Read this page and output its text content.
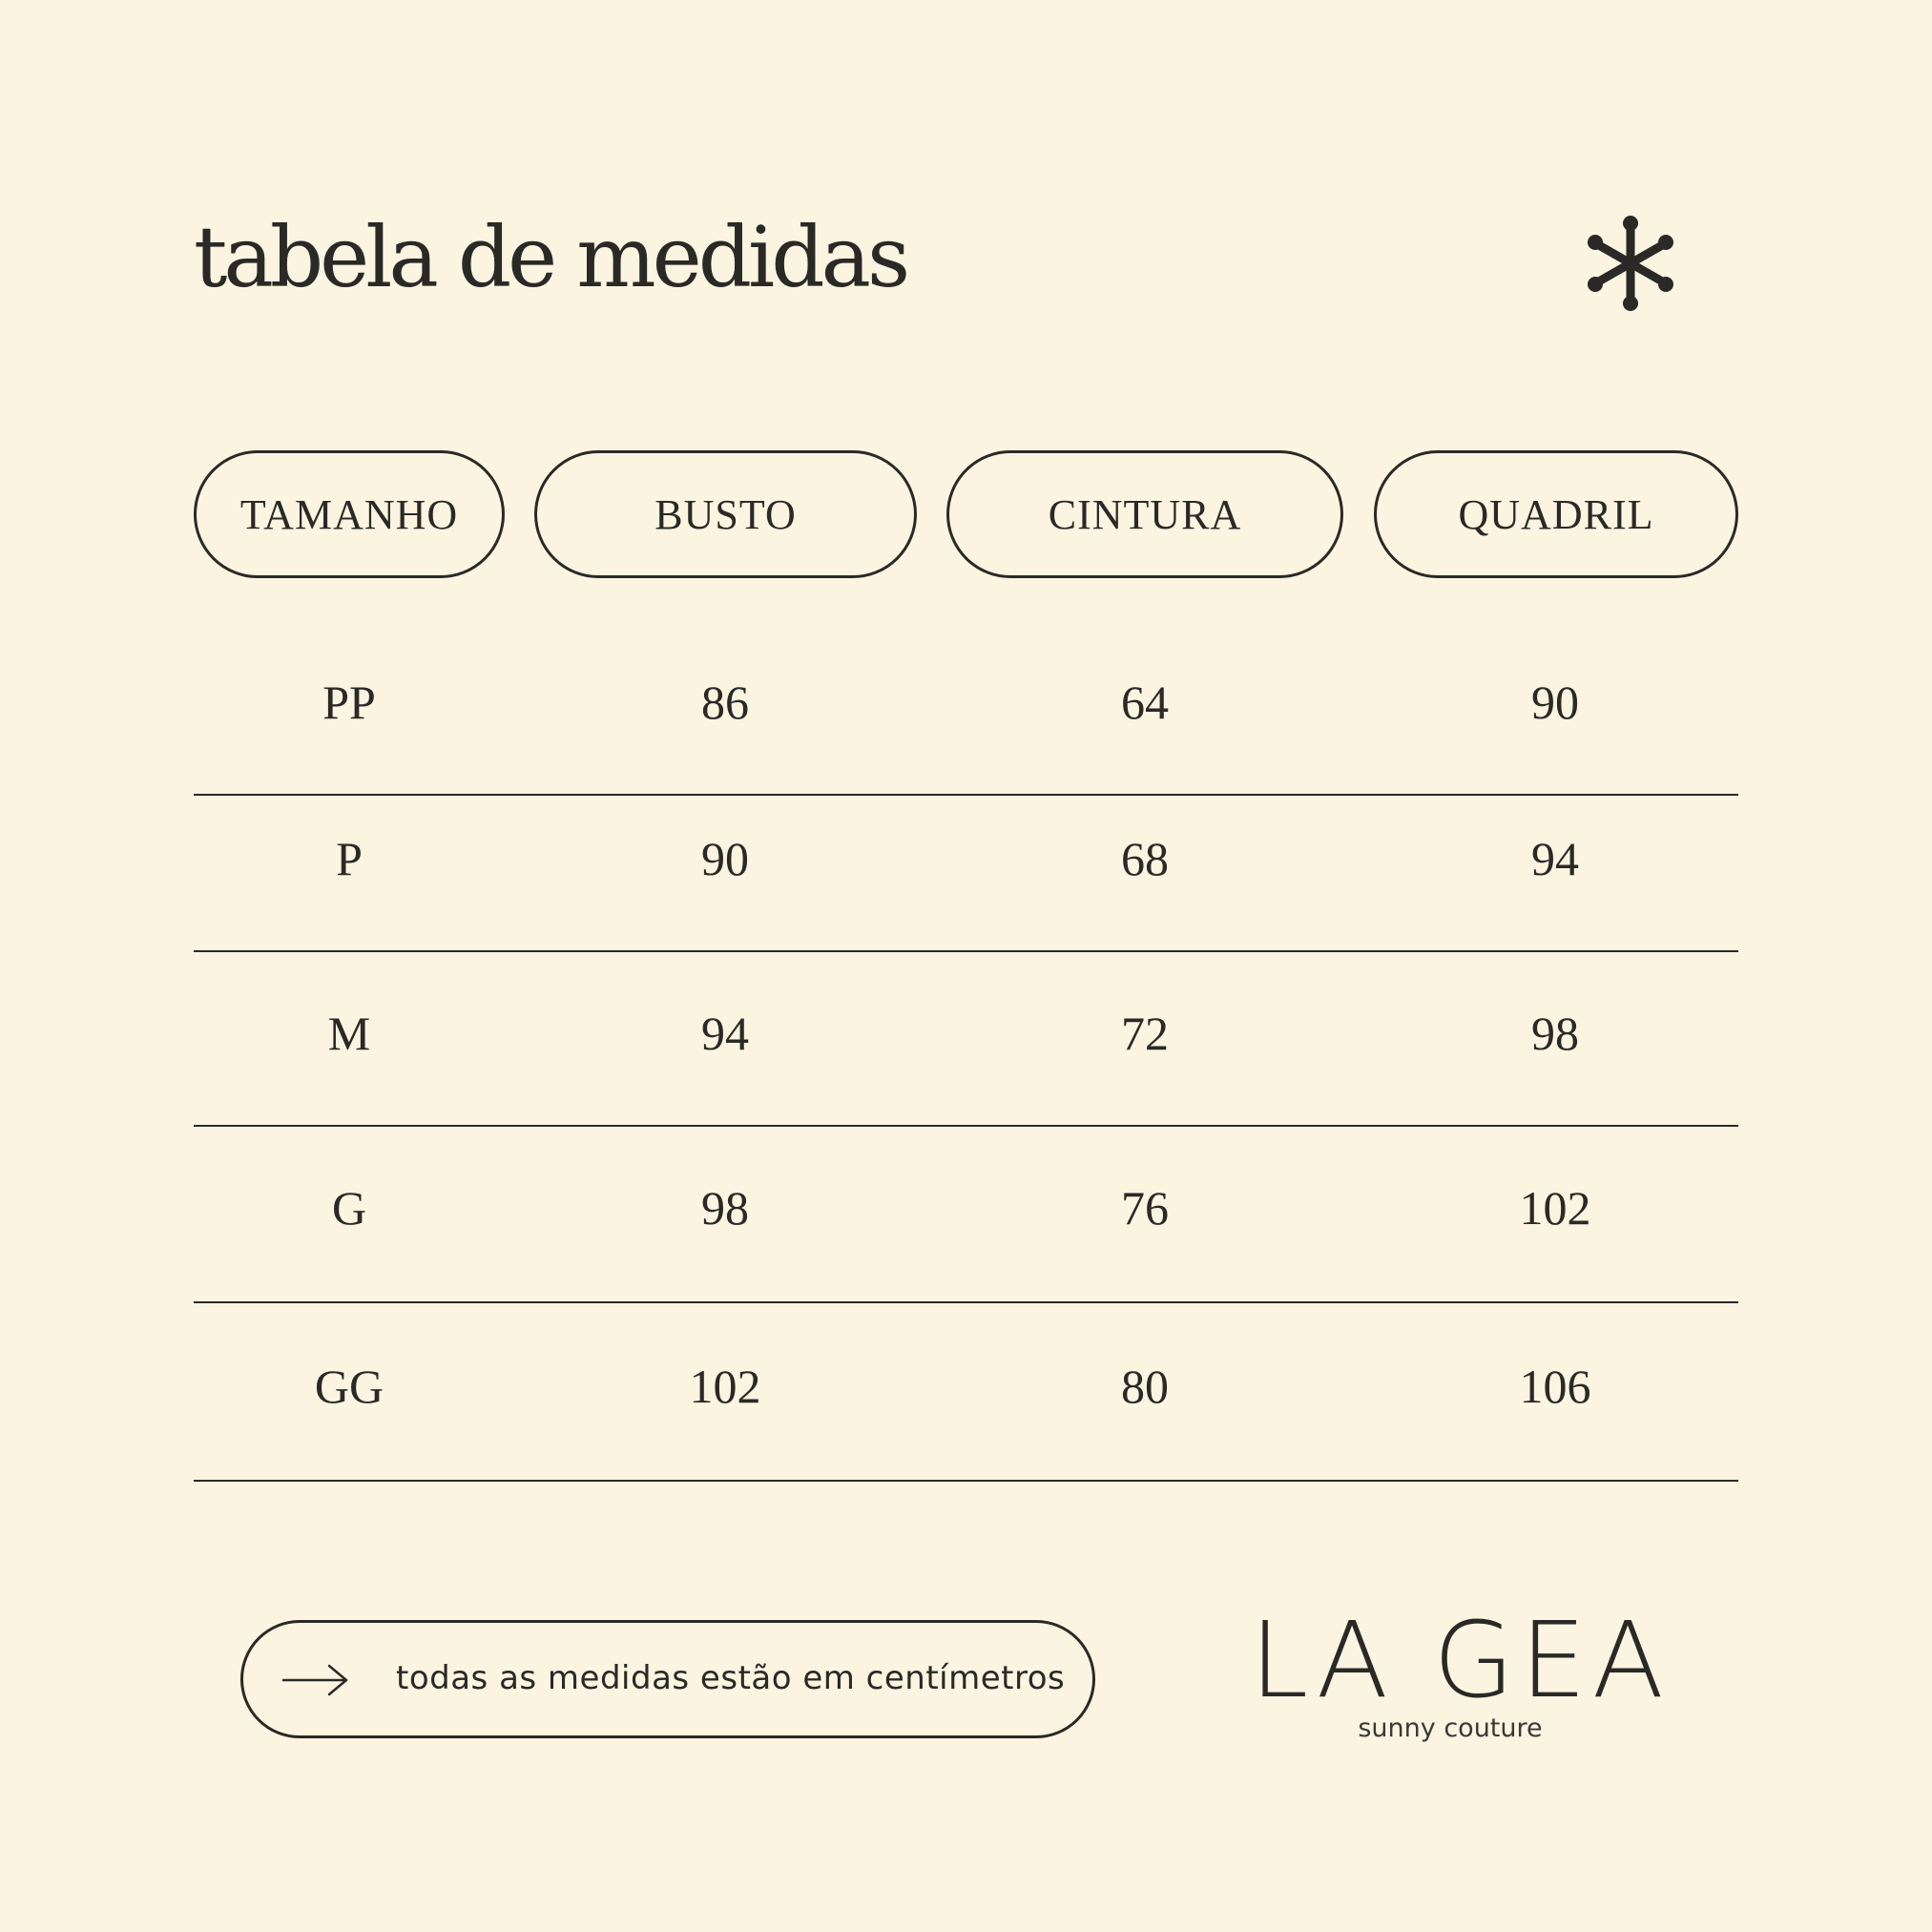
tabela de medidas
TAMANHO	BUSTO	CINTURA	QUADRIL
PP	86	64	90
P	90	68	94
M	94	72	98
G	98	76	102
GG	102	80	106
todas as medidas estão em centímetros LA GEA
sunny couture
